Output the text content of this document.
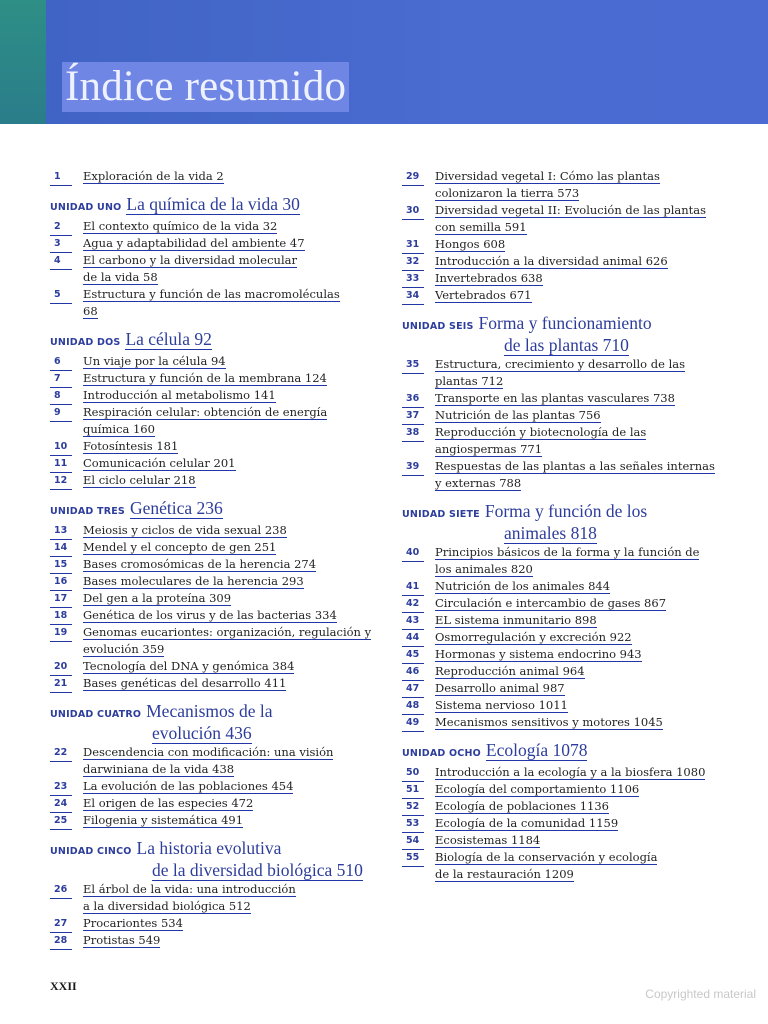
Índice resumido
1	Exploración de la vida 2
UNIDAD UNO La química de la vida 30
2	El contexto químico de la vida 32
3	Agua y adaptabilidad del ambiente 47
4	El carbono y la diversidad molecular
de la vida 58
5	Estructura y función de las macromoléculas
68
UNIDAD DOS La célula 92
6	Un viaje por la célula 94
7	Estructura y función de la membrana 124
8	Introducción al metabolismo 141
9	Respiración celular: obtención de energía
química 160
10	Fotosíntesis 181
11	Comunicación celular 201
12	El ciclo celular 218
UNIDAD TRES Genética 236
13	Meiosis y ciclos de vida sexual 238
14	Mendel y el concepto de gen 251
15	Bases cromosómicas de la herencia 274
16	Bases moleculares de la herencia 293
17	Del gen a la proteína 309
18	Genética de los virus y de las bacterias 334
19	Genomas eucariontes: organización, regulación y
evolución 359
20	Tecnología del DNA y genómica 384
21	Bases genéticas del desarrollo 411
UNIDAD CUATRO Mecanismos de la
evolución 436
22	Descendencia con modificación: una visión
darwiniana de la vida 438
23	La evolución de las poblaciones 454
24	El origen de las especies 472
25	Filogenia y sistemática 491
UNIDAD CINCO La historia evolutiva
de la diversidad biológica 510
26	El árbol de la vida: una introducción
a la diversidad biológica 512
27	Procariontes 534
28	Protistas 549
29	Diversidad vegetal I: Cómo las plantas
colonizaron la tierra 573
30	Diversidad vegetal II: Evolución de las plantas
con semilla 591
31	Hongos 608
32	Introducción a la diversidad animal 626
33	Invertebrados 638
34	Vertebrados 671
UNIDAD SEIS Forma y funcionamiento
de las plantas 710
35	Estructura, crecimiento y desarrollo de las
plantas 712
36	Transporte en las plantas vasculares 738
37	Nutrición de las plantas 756
38	Reproducción y biotecnología de las
angiospermas 771
39	Respuestas de las plantas a las señales internas
y externas 788
UNIDAD SIETE Forma y función de los
animales 818
40	Principios básicos de la forma y la función de
los animales 820
41	Nutrición de los animales 844
42	Circulación e intercambio de gases 867
43	EL sistema inmunitario 898
44	Osmorregulación y excreción 922
45	Hormonas y sistema endocrino 943
46	Reproducción animal 964
47	Desarrollo animal 987
48	Sistema nervioso 1011
49	Mecanismos sensitivos y motores 1045
UNIDAD OCHO Ecología 1078
50	Introducción a la ecología y a la biosfera 1080
51	Ecología del comportamiento 1106
52	Ecología de poblaciones 1136
53	Ecología de la comunidad 1159
54	Ecosistemas 1184
55	Biología de la conservación y ecología
de la restauración 1209
XXII
Copyrighted material
